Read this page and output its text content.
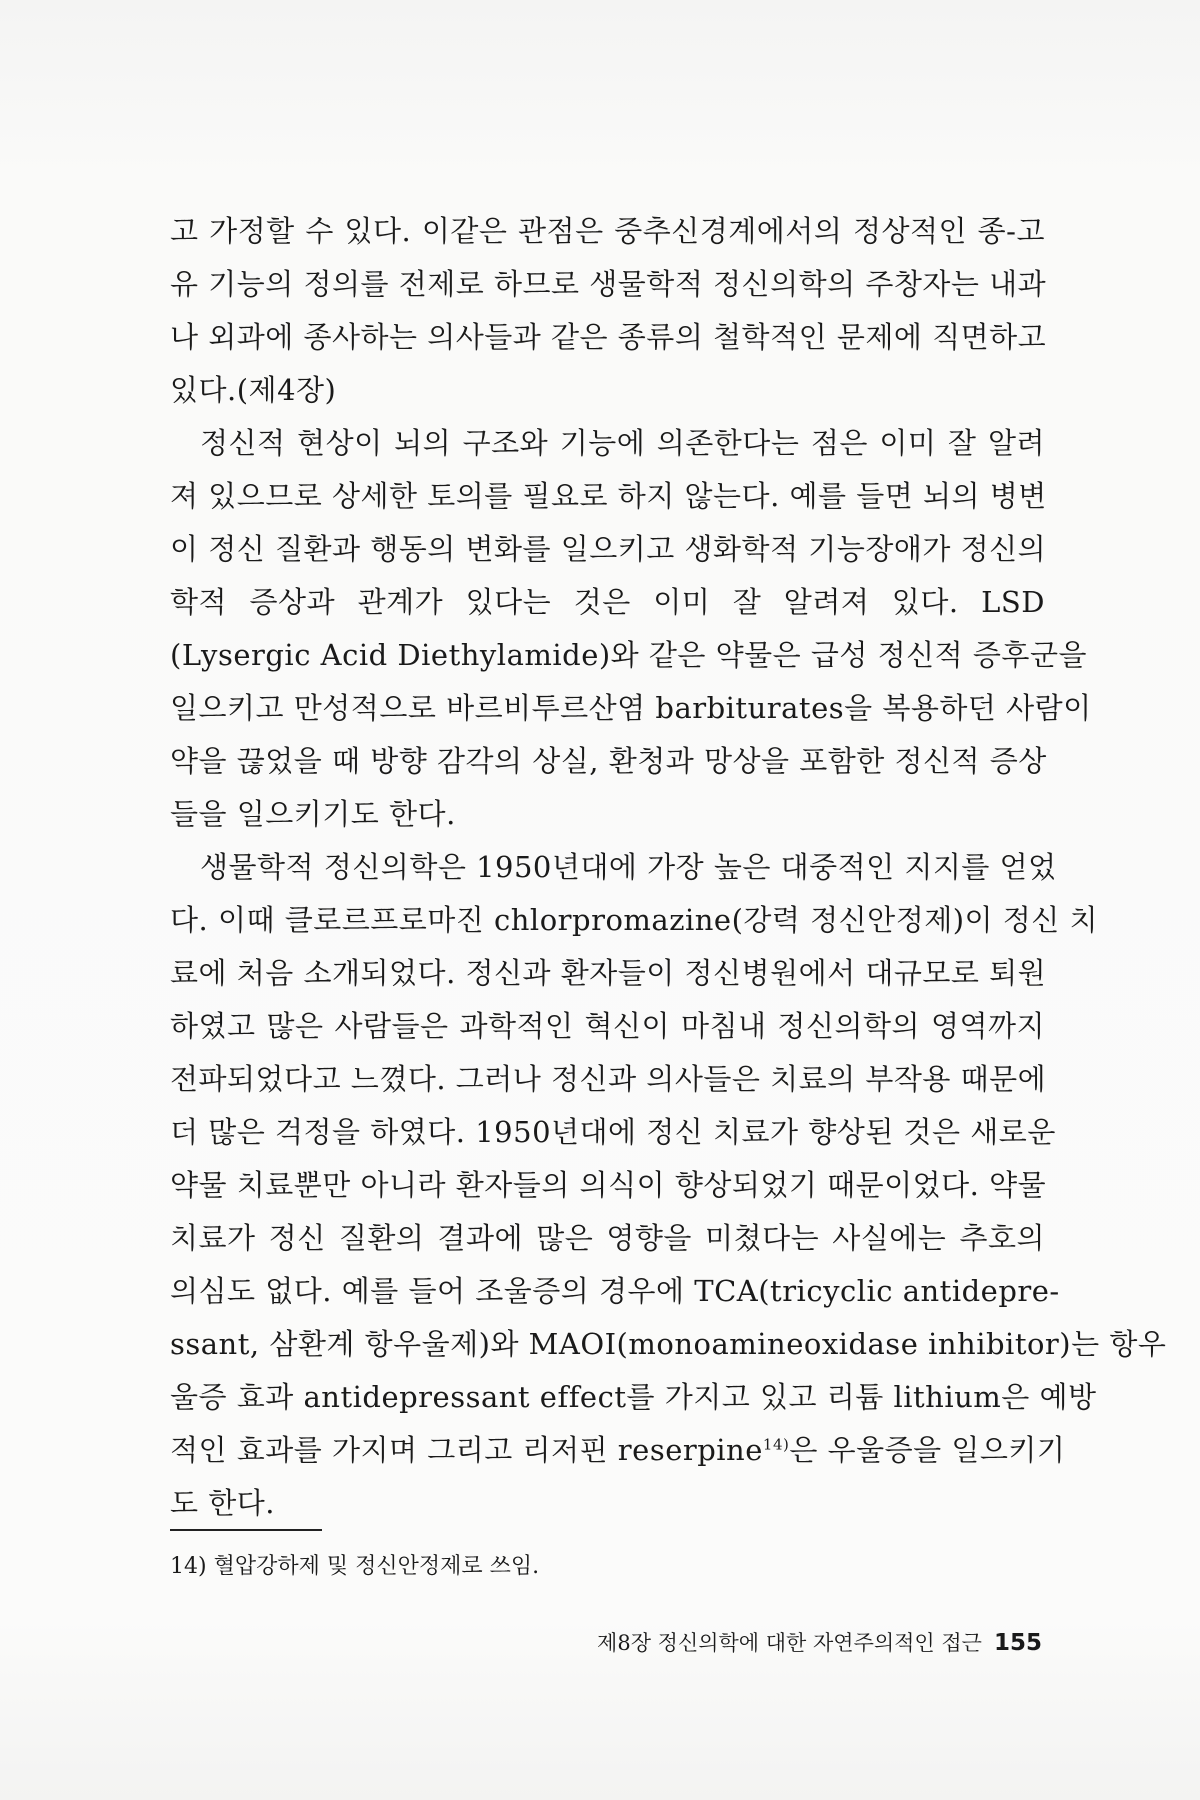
고 가정할 수 있다. 이같은 관점은 중추신경계에서의 정상적인 종-고
유 기능의 정의를 전제로 하므로 생물학적 정신의학의 주창자는 내과
나 외과에 종사하는 의사들과 같은 종류의 철학적인 문제에 직면하고
있다.(제4장)
정신적 현상이 뇌의 구조와 기능에 의존한다는 점은 이미 잘 알려
져 있으므로 상세한 토의를 필요로 하지 않는다. 예를 들면 뇌의 병변
이 정신 질환과 행동의 변화를 일으키고 생화학적 기능장애가 정신의
학적 증상과 관계가 있다는 것은 이미 잘 알려져 있다. LSD
(Lysergic Acid Diethylamide)와 같은 약물은 급성 정신적 증후군을
일으키고 만성적으로 바르비투르산염 barbiturates을 복용하던 사람이
약을 끊었을 때 방향 감각의 상실, 환청과 망상을 포함한 정신적 증상
들을 일으키기도 한다.
생물학적 정신의학은 1950년대에 가장 높은 대중적인 지지를 얻었
다. 이때 클로르프로마진 chlorpromazine(강력 정신안정제)이 정신 치
료에 처음 소개되었다. 정신과 환자들이 정신병원에서 대규모로 퇴원
하였고 많은 사람들은 과학적인 혁신이 마침내 정신의학의 영역까지
전파되었다고 느꼈다. 그러나 정신과 의사들은 치료의 부작용 때문에
더 많은 걱정을 하였다. 1950년대에 정신 치료가 향상된 것은 새로운
약물 치료뿐만 아니라 환자들의 의식이 향상되었기 때문이었다. 약물
치료가 정신 질환의 결과에 많은 영향을 미쳤다는 사실에는 추호의
의심도 없다. 예를 들어 조울증의 경우에 TCA(tricyclic antidepre-
ssant, 삼환계 항우울제)와 MAOI(monoamineoxidase inhibitor)는 항우
울증 효과 antidepressant effect를 가지고 있고 리튬 lithium은 예방
적인 효과를 가지며 그리고 리저핀 reserpine$^{14)}$은 우울증을 일으키기
도 한다.
14) 혈압강하제 및 정신안정제로 쓰임.
제8장 정신의학에 대한 자연주의적인 접근 155
